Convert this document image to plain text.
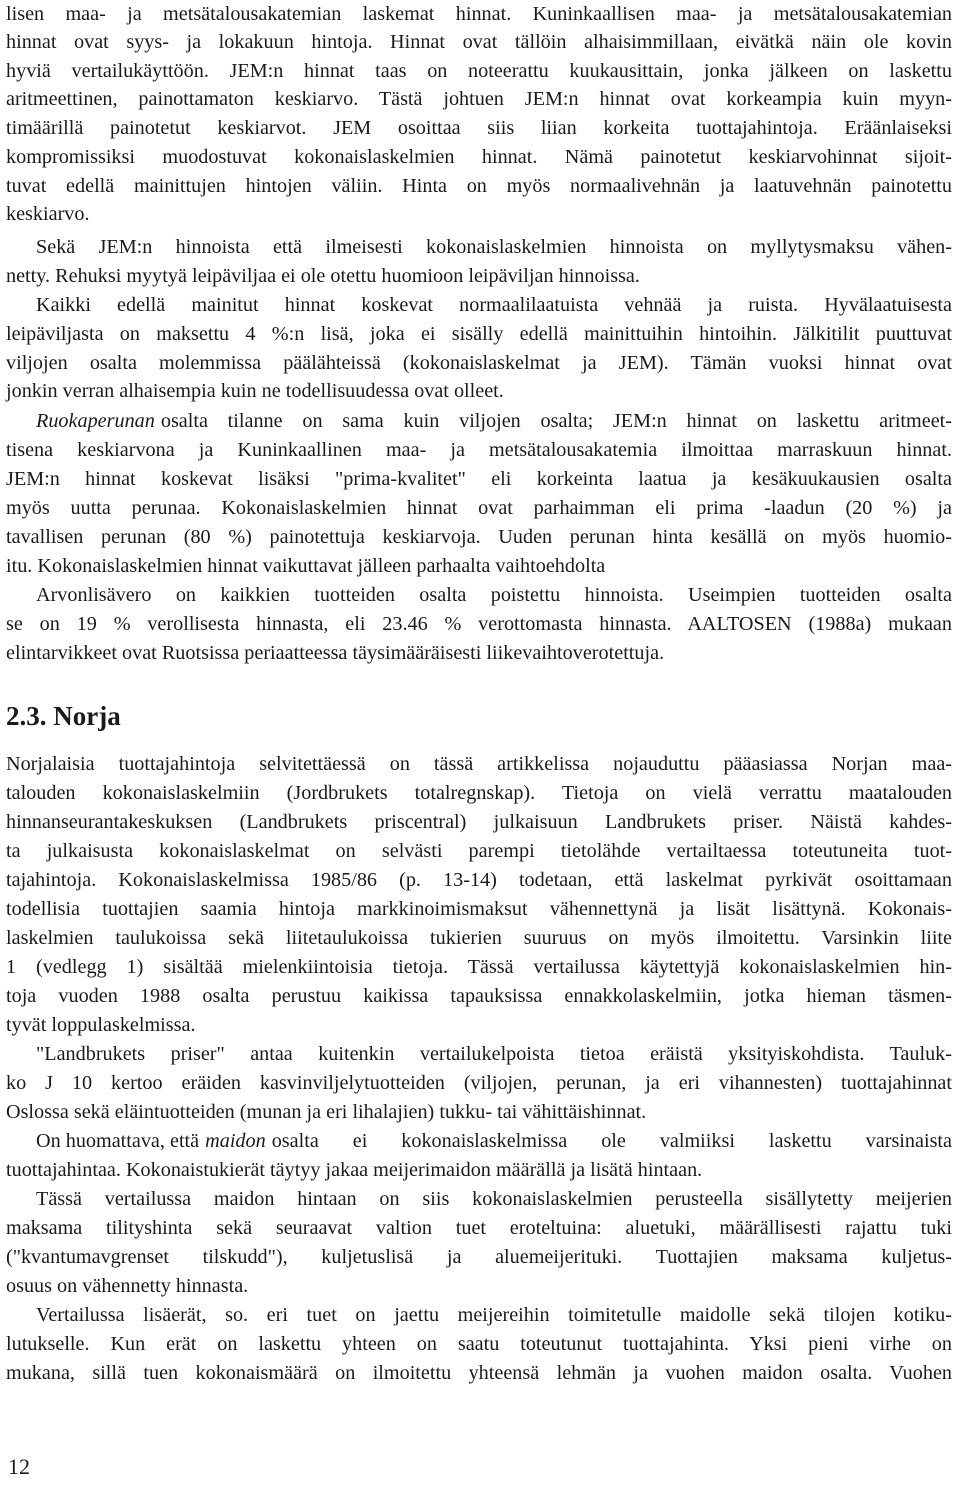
lisen maa- ja metsätalousakatemian laskemat hinnat. Kuninkaallisen maa- ja metsätalousakatemian
hinnat ovat syys- ja lokakuun hintoja. Hinnat ovat tällöin alhaisimmillaan, eivätkä näin ole kovin
hyviä vertailukäyttöön. JEM:n hinnat taas on noteerattu kuukausittain, jonka jälkeen on laskettu
aritmeettinen, painottamaton keskiarvo. Tästä johtuen JEM:n hinnat ovat korkeampia kuin myyn-
timäärillä painotetut keskiarvot. JEM osoittaa siis liian korkeita tuottajahintoja. Eräänlaiseksi
kompromissiksi muodostuvat kokonaislaskelmien hinnat. Nämä painotetut keskiarvohinnat sijoit-
tuvat edellä mainittujen hintojen väliin. Hinta on myös normaalivehnän ja laatuvehnän painotettu
keskiarvo.
Sekä JEM:n hinnoista että ilmeisesti kokonaislaskelmien hinnoista on myllytysmaksu vähen-
netty. Rehuksi myytyä leipäviljaa ei ole otettu huomioon leipäviljan hinnoissa.
Kaikki edellä mainitut hinnat koskevat normaalilaatuista vehnää ja ruista. Hyvälaatuisesta
leipäviljasta on maksettu 4 %:n lisä, joka ei sisälly edellä mainittuihin hintoihin. Jälkitilit puuttuvat
viljojen osalta molemmissa päälähteissä (kokonaislaskelmat ja JEM). Tämän vuoksi hinnat ovat
jonkin verran alhaisempia kuin ne todellisuudessa ovat olleet.
Ruokaperunan osalta tilanne on sama kuin viljojen osalta; JEM:n hinnat on laskettu aritmeet-
tisena keskiarvona ja Kuninkaallinen maa- ja metsätalousakatemia ilmoittaa marraskuun hinnat.
JEM:n hinnat koskevat lisäksi "prima-kvalitet" eli korkeinta laatua ja kesäkuukausien osalta
myös uutta perunaa. Kokonaislaskelmien hinnat ovat parhaimman eli prima -laadun (20 %) ja
tavallisen perunan (80 %) painotettuja keskiarvoja. Uuden perunan hinta kesällä on myös huomio-
itu. Kokonaislaskelmien hinnat vaikuttavat jälleen parhaalta vaihtoehdolta
Arvonlisävero on kaikkien tuotteiden osalta poistettu hinnoista. Useimpien tuotteiden osalta
se on 19 % verollisesta hinnasta, eli 23.46 % verottomasta hinnasta. AALTOSEN (1988a) mukaan
elintarvikkeet ovat Ruotsissa periaatteessa täysimääräisesti liikevaihtoverotettuja.
2.3. Norja
Norjalaisia tuottajahintoja selvitettäessä on tässä artikkelissa nojauduttu pääasiassa Norjan maa-
talouden kokonaislaskelmiin (Jordbrukets totalregnskap). Tietoja on vielä verrattu maatalouden
hinnanseurantakeskuksen (Landbrukets priscentral) julkaisuun Landbrukets priser. Näistä kahdes-
ta julkaisusta kokonaislaskelmat on selvästi parempi tietolähde vertailtaessa toteutuneita tuot-
tajahintoja. Kokonaislaskelmissa 1985/86 (p. 13-14) todetaan, että laskelmat pyrkivät osoittamaan
todellisia tuottajien saamia hintoja markkinoimismaksut vähennettynä ja lisät lisättynä. Kokonais-
laskelmien taulukoissa sekä liitetaulukoissa tukierien suuruus on myös ilmoitettu. Varsinkin liite
1 (vedlegg 1) sisältää mielenkiintoisia tietoja. Tässä vertailussa käytettyjä kokonaislaskelmien hin-
toja vuoden 1988 osalta perustuu kaikissa tapauksissa ennakkolaskelmiin, jotka hieman täsmen-
tyvät loppulaskelmissa.
"Landbrukets priser" antaa kuitenkin vertailukelpoista tietoa eräistä yksityiskohdista. Tauluk-
ko J 10 kertoo eräiden kasvinviljelytuotteiden (viljojen, perunan, ja eri vihannesten) tuottajahinnat
Oslossa sekä eläintuotteiden (munan ja eri lihalajien) tukku- tai vähittäishinnat.
On huomattava, että maidon osalta ei kokonaislaskelmissa ole valmiiksi laskettu varsinaista
tuottajahintaa. Kokonaistukierät täytyy jakaa meijerimaidon määrällä ja lisätä hintaan.
Tässä vertailussa maidon hintaan on siis kokonaislaskelmien perusteella sisällytetty meijerien
maksama tilityshinta sekä seuraavat valtion tuet eroteltuina: aluetuki, määrällisesti rajattu tuki
("kvantumavgrenset tilskudd"), kuljetuslisä ja aluemeijerituki. Tuottajien maksama kuljetus-
osuus on vähennetty hinnasta.
Vertailussa lisäerät, so. eri tuet on jaettu meijereihin toimitetulle maidolle sekä tilojen kotiku-
lutukselle. Kun erät on laskettu yhteen on saatu toteutunut tuottajahinta. Yksi pieni virhe on
mukana, sillä tuen kokonaismäärä on ilmoitettu yhteensä lehmän ja vuohen maidon osalta. Vuohen
12
